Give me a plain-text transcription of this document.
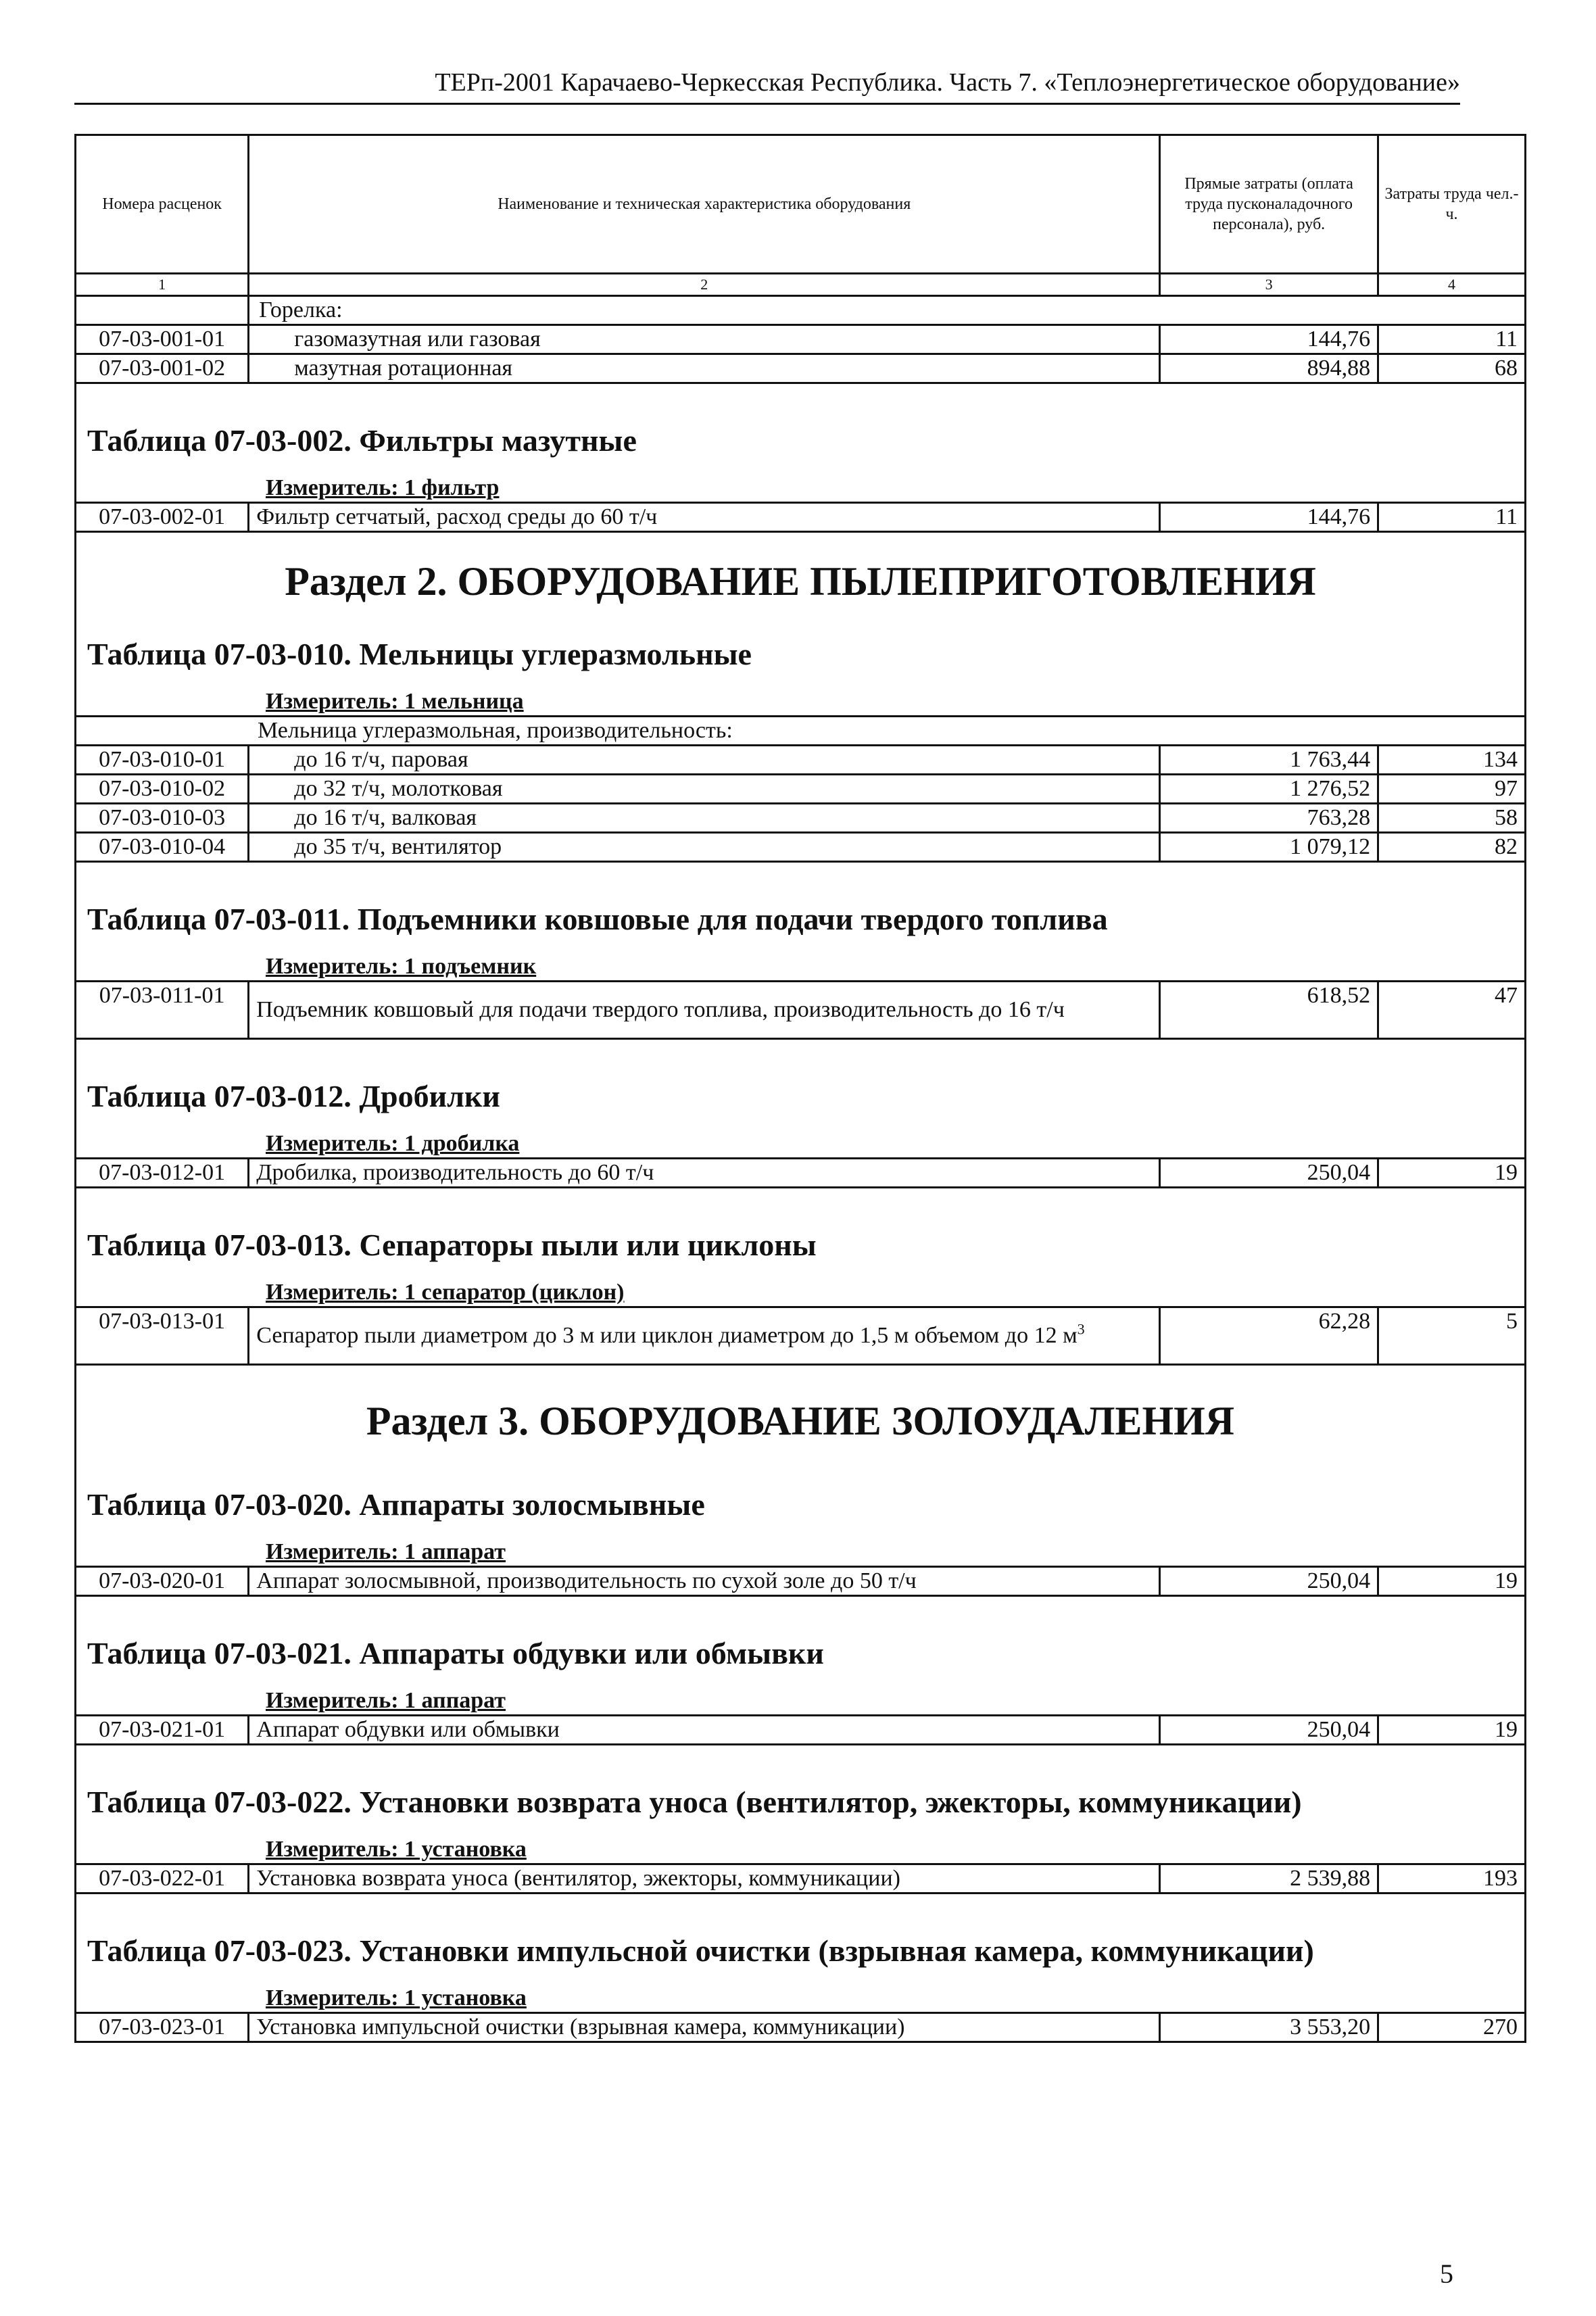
ТЕРп-2001 Карачаево-Черкесская Республика. Часть 7. «Теплоэнергетическое оборудование»
Номера расценок	Наименование и техническая характеристика оборудования	Прямые затраты (оплата труда пусконаладочного персонала), руб.	Затраты труда чел.-ч.
1	2	3	4
	Горелка:		
07-03-001-01	газомазутная или газовая	144,76	11
07-03-001-02	мазутная ротационная	894,88	68

Таблица 07-03-002. Фильтры мазутные
Измеритель: 1 фильтр			

07-03-002-01	Фильтр сетчатый, расход среды до 60 т/ч	144,76	11

Раздел 2. ОБОРУДОВАНИЕ ПЫЛЕПРИГОТОВЛЕНИЯ
Таблица 07-03-010. Мельницы углеразмольные
Измеритель: 1 мельница			

Мельница углеразмольная, производительность:			
07-03-010-01	до 16 т/ч, паровая	1 763,44	134
07-03-010-02	до 32 т/ч, молотковая	1 276,52	97
07-03-010-03	до 16 т/ч, валковая	763,28	58
07-03-010-04	до 35 т/ч, вентилятор	1 079,12	82

Таблица 07-03-011. Подъемники ковшовые для подачи твердого топлива
Измеритель: 1 подъемник			

07-03-011-01	Подъемник ковшовый для подачи твердого топлива, производительность до 16 т/ч	618,52	47

Таблица 07-03-012. Дробилки
Измеритель: 1 дробилка			

07-03-012-01	Дробилка, производительность до 60 т/ч	250,04	19

Таблица 07-03-013. Сепараторы пыли или циклоны
Измеритель: 1 сепаратор (циклон)			

07-03-013-01	Сепаратор пыли диаметром до 3 м или циклон диаметром до 1,5 м объемом до 12 $м^3$	62,28	5

Раздел 3. ОБОРУДОВАНИЕ ЗОЛОУДАЛЕНИЯ
Таблица 07-03-020. Аппараты золосмывные
Измеритель: 1 аппарат			

07-03-020-01	Аппарат золосмывной, производительность по сухой золе до 50 т/ч	250,04	19

Таблица 07-03-021. Аппараты обдувки или обмывки
Измеритель: 1 аппарат			

07-03-021-01	Аппарат обдувки или обмывки	250,04	19

Таблица 07-03-022. Установки возврата уноса (вентилятор, эжекторы, коммуникации)
Измеритель: 1 установка			

07-03-022-01	Установка возврата уноса (вентилятор, эжекторы, коммуникации)	2 539,88	193

Таблица 07-03-023. Установки импульсной очистки (взрывная камера, коммуникации)
Измеритель: 1 установка			

07-03-023-01	Установка импульсной очистки (взрывная камера, коммуникации)	3 553,20	270
5
